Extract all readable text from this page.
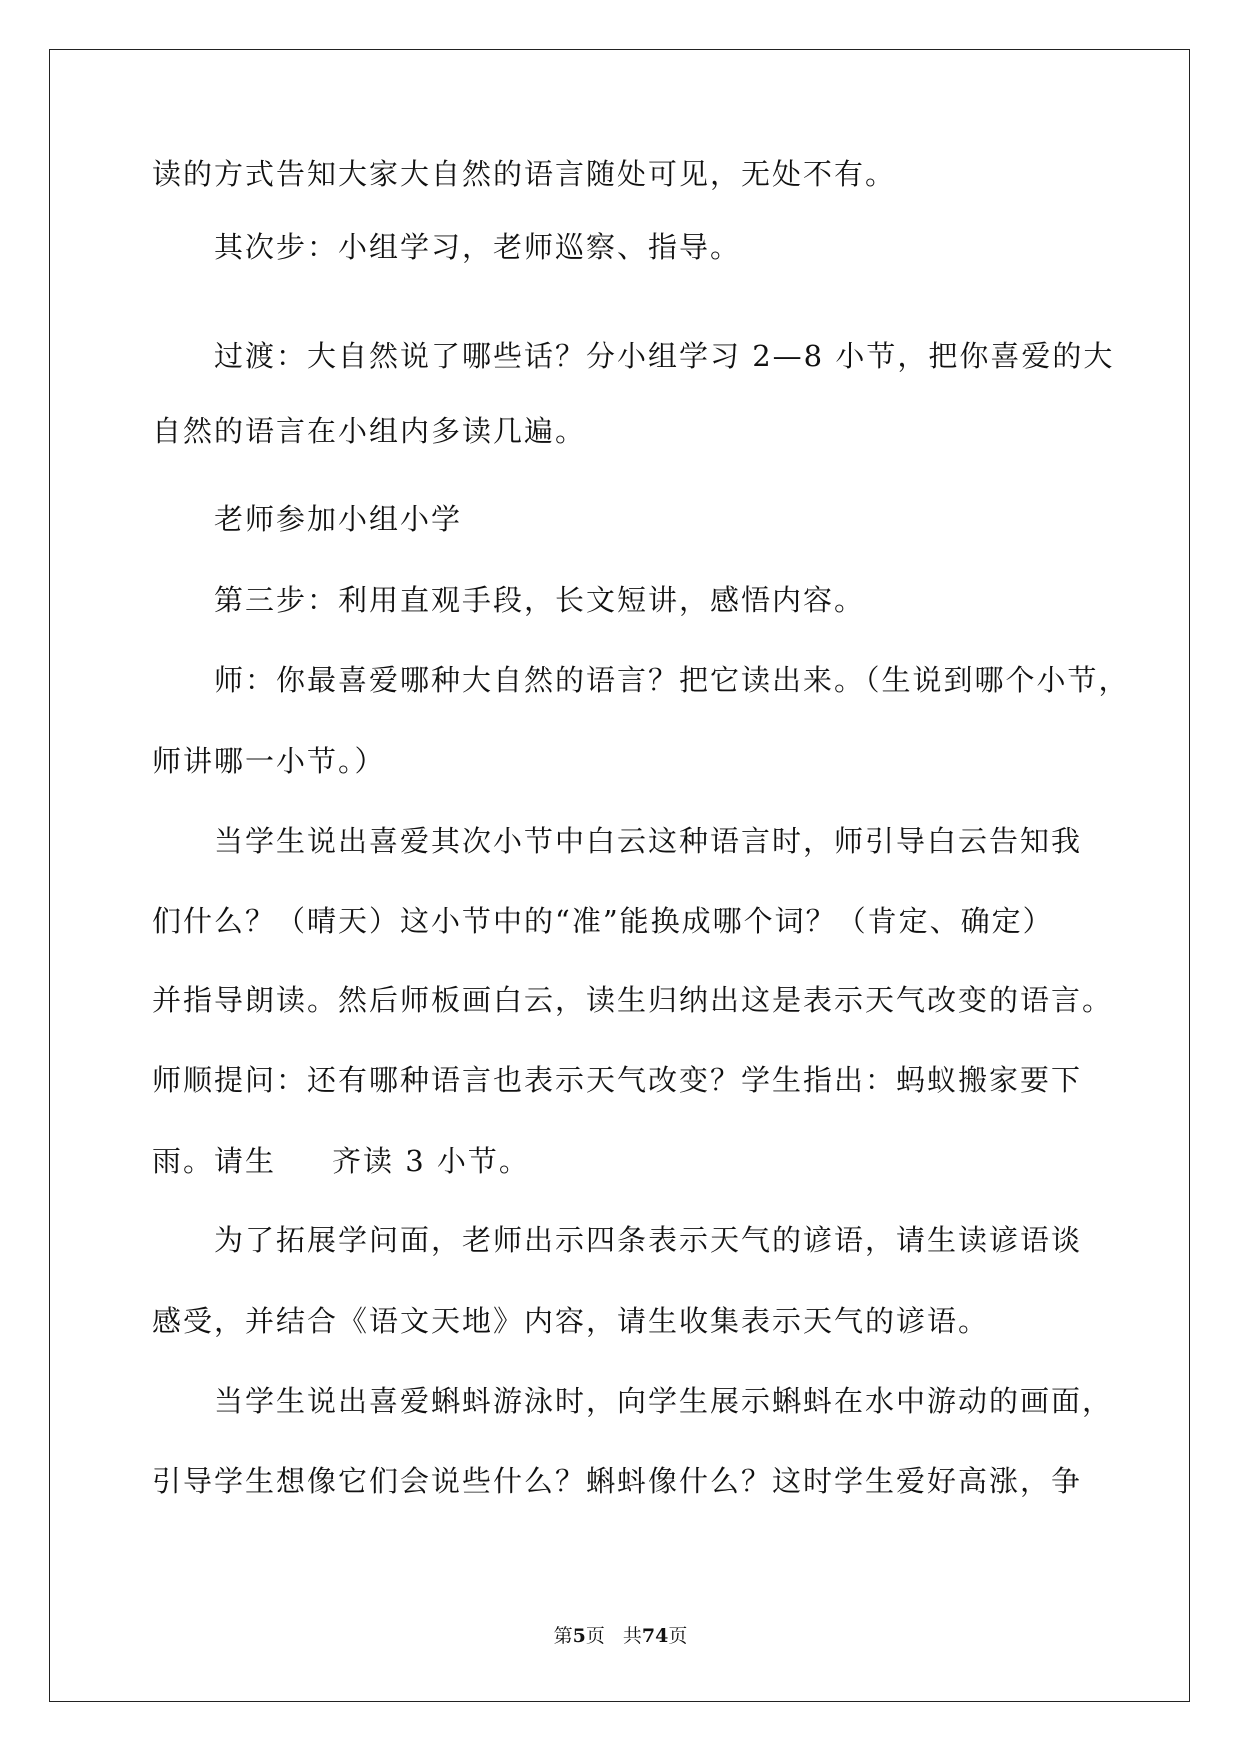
读的方式告知大家大自然的语言随处可见，无处不有。

其次步：小组学习，老师巡察、指导。

过渡：大自然说了哪些话？分小组学习 2—8 小节，把你喜爱的大

自然的语言在小组内多读几遍。

老师参加小组小学

第三步：利用直观手段，长文短讲，感悟内容。

师：你最喜爱哪种大自然的语言？把它读出来。（生说到哪个小节，

师讲哪一小节。）

当学生说出喜爱其次小节中白云这种语言时，师引导白云告知我

们什么？（晴天）这小节中的“准”能换成哪个词？（肯定、确定）

并指导朗读。然后师板画白云，读生归纳出这是表示天气改变的语言。

师顺提问：还有哪种语言也表示天气改变？学生指出：蚂蚁搬家要下

雨。请生 齐读 3 小节。

为了拓展学问面，老师出示四条表示天气的谚语，请生读谚语谈

感受，并结合《语文天地》内容，请生收集表示天气的谚语。

当学生说出喜爱蝌蚪游泳时，向学生展示蝌蚪在水中游动的画面，

引导学生想像它们会说些什么？蝌蚪像什么？这时学生爱好高涨，争

第5页 共74页
